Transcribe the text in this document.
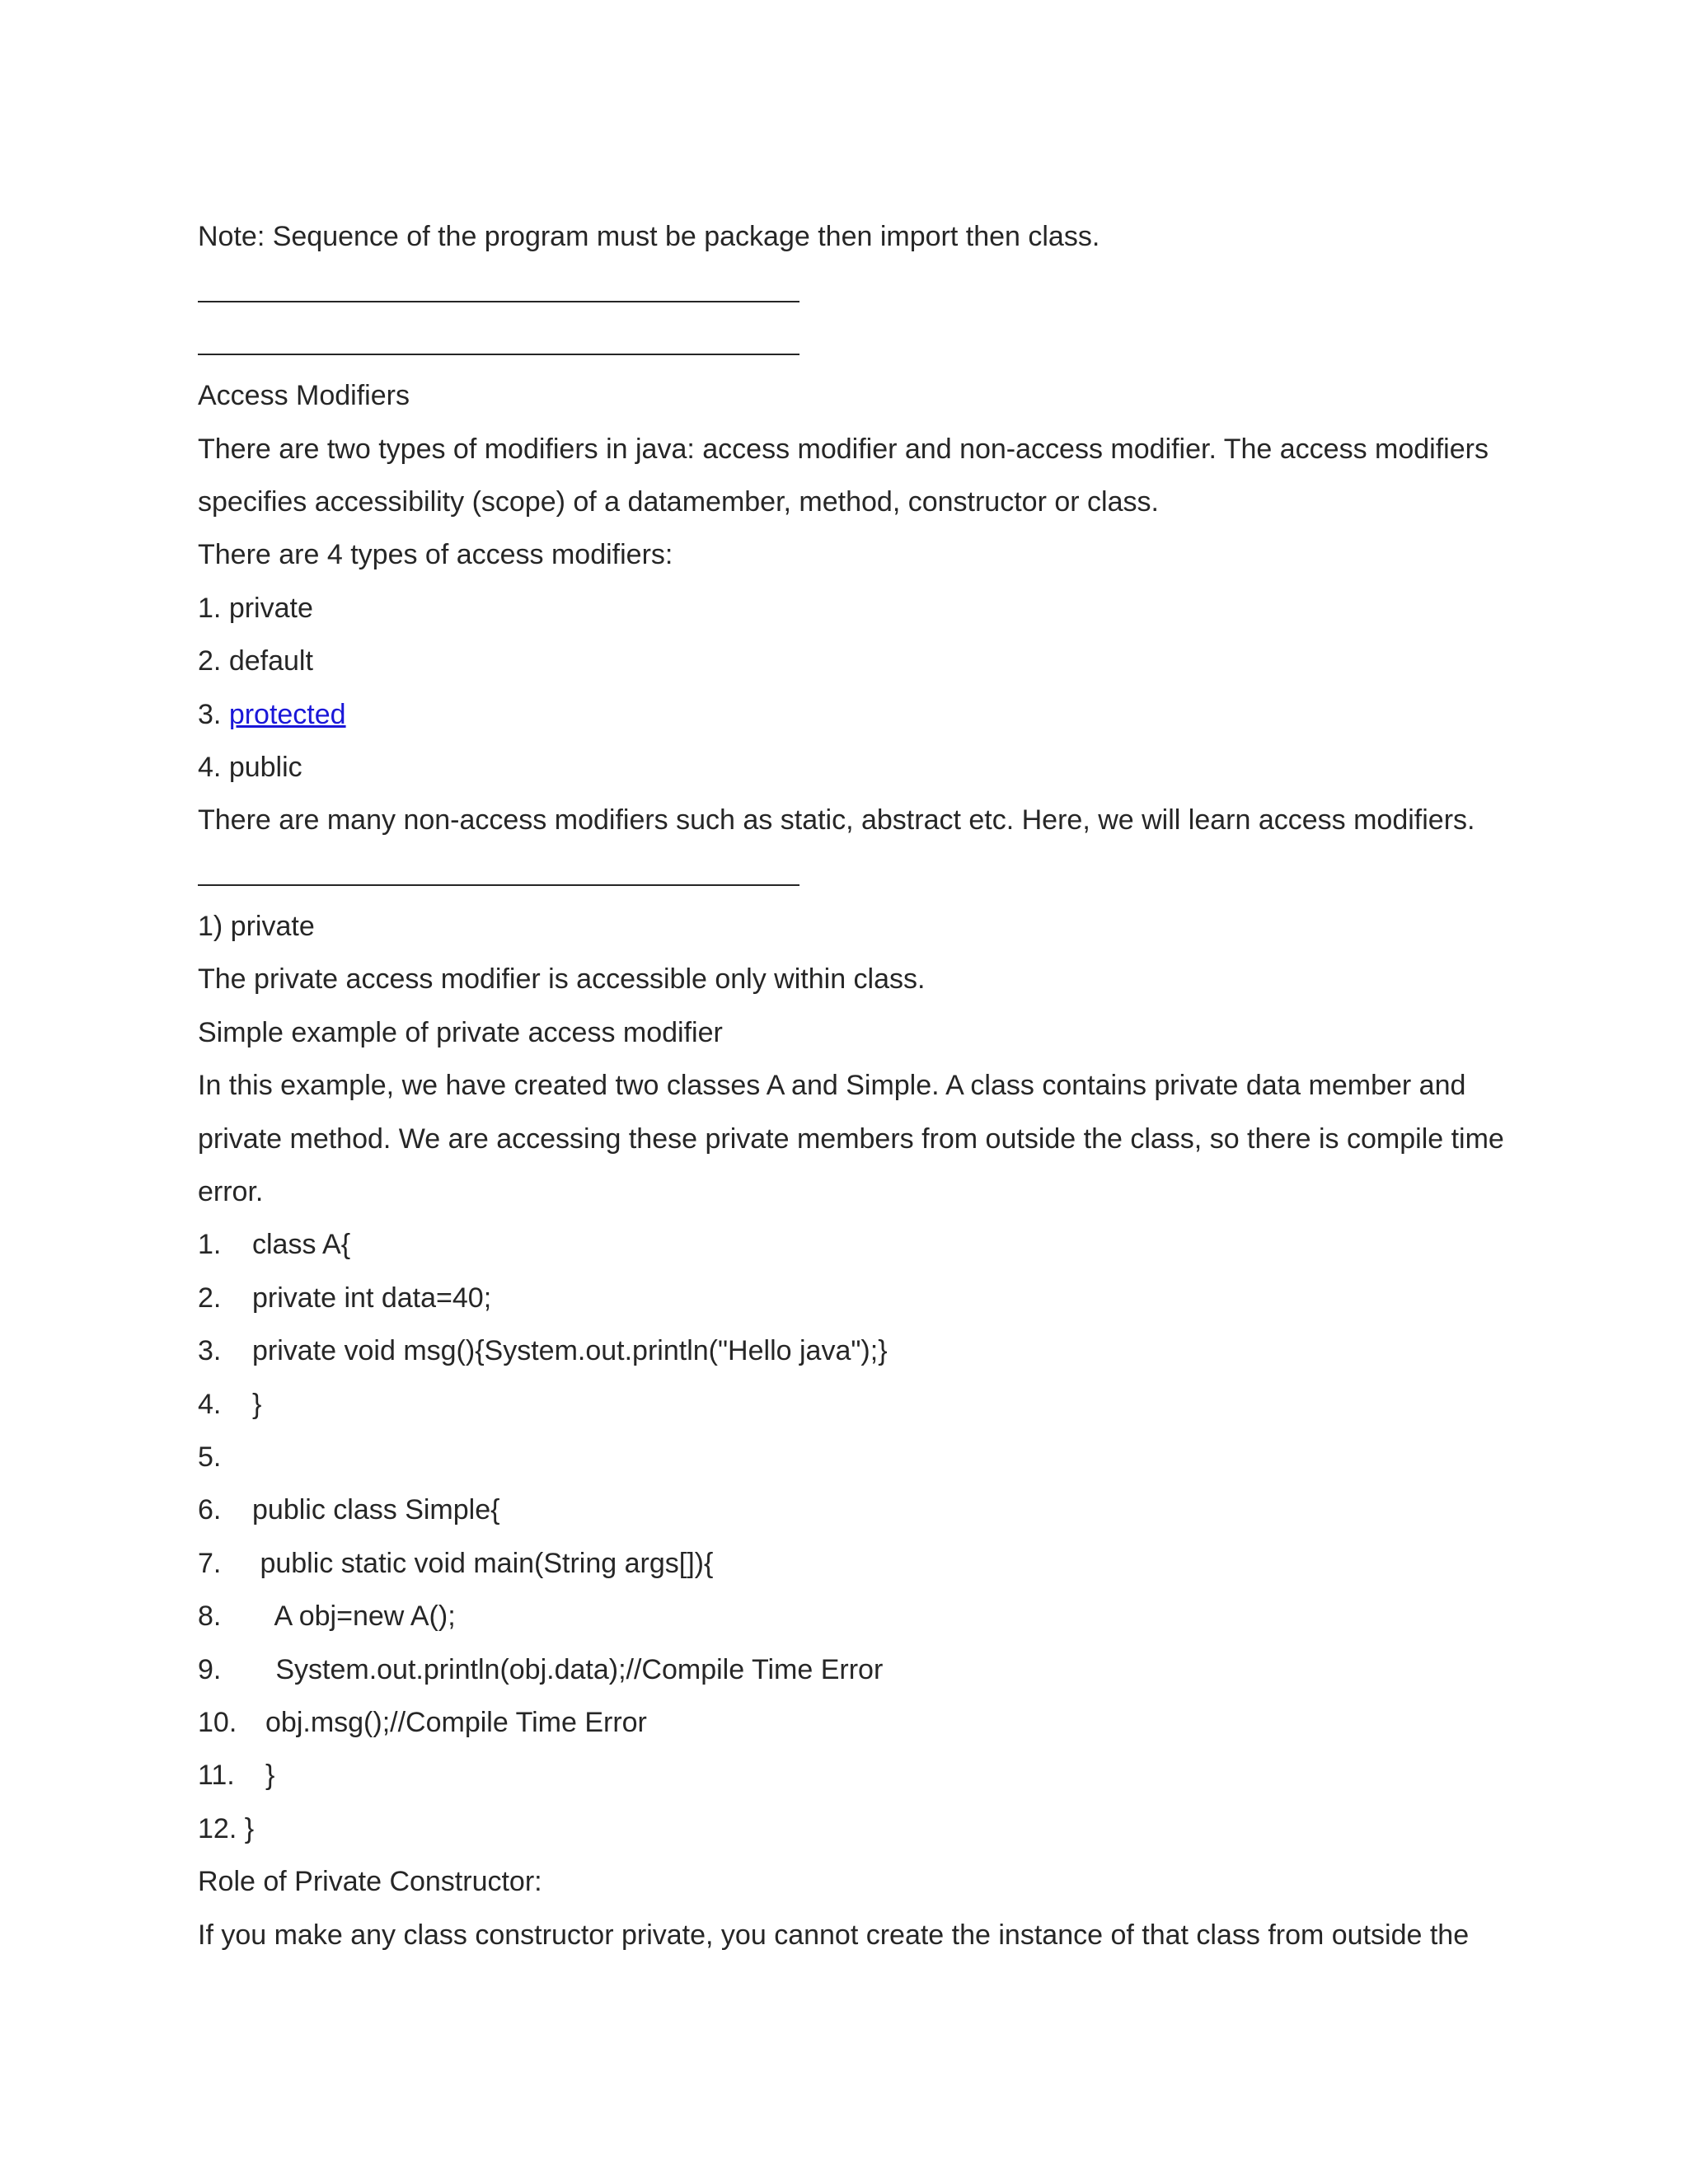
Note: Sequence of the program must be package then import then class.
Access Modifiers
There are two types of modifiers in java: access modifier and non-access modifier. The access modifiers
specifies accessibility (scope) of a datamember, method, constructor or class.
There are 4 types of access modifiers:
1. private
2. default
3. protected
4. public
There are many non-access modifiers such as static, abstract etc. Here, we will learn access modifiers.
1) private
The private access modifier is accessible only within class.
Simple example of private access modifier
In this example, we have created two classes A and Simple. A class contains private data member and
private method. We are accessing these private members from outside the class, so there is compile time
error.
1. class A{
2. private int data=40;
3. private void msg(){System.out.println("Hello java");}
4. }
5.
6. public class Simple{
7. public static void main(String args[]){
8.   A obj=new A();
9.   System.out.println(obj.data);//Compile Time Error
10. obj.msg();//Compile Time Error
11. }
12. }
Role of Private Constructor:
If you make any class constructor private, you cannot create the instance of that class from outside the
